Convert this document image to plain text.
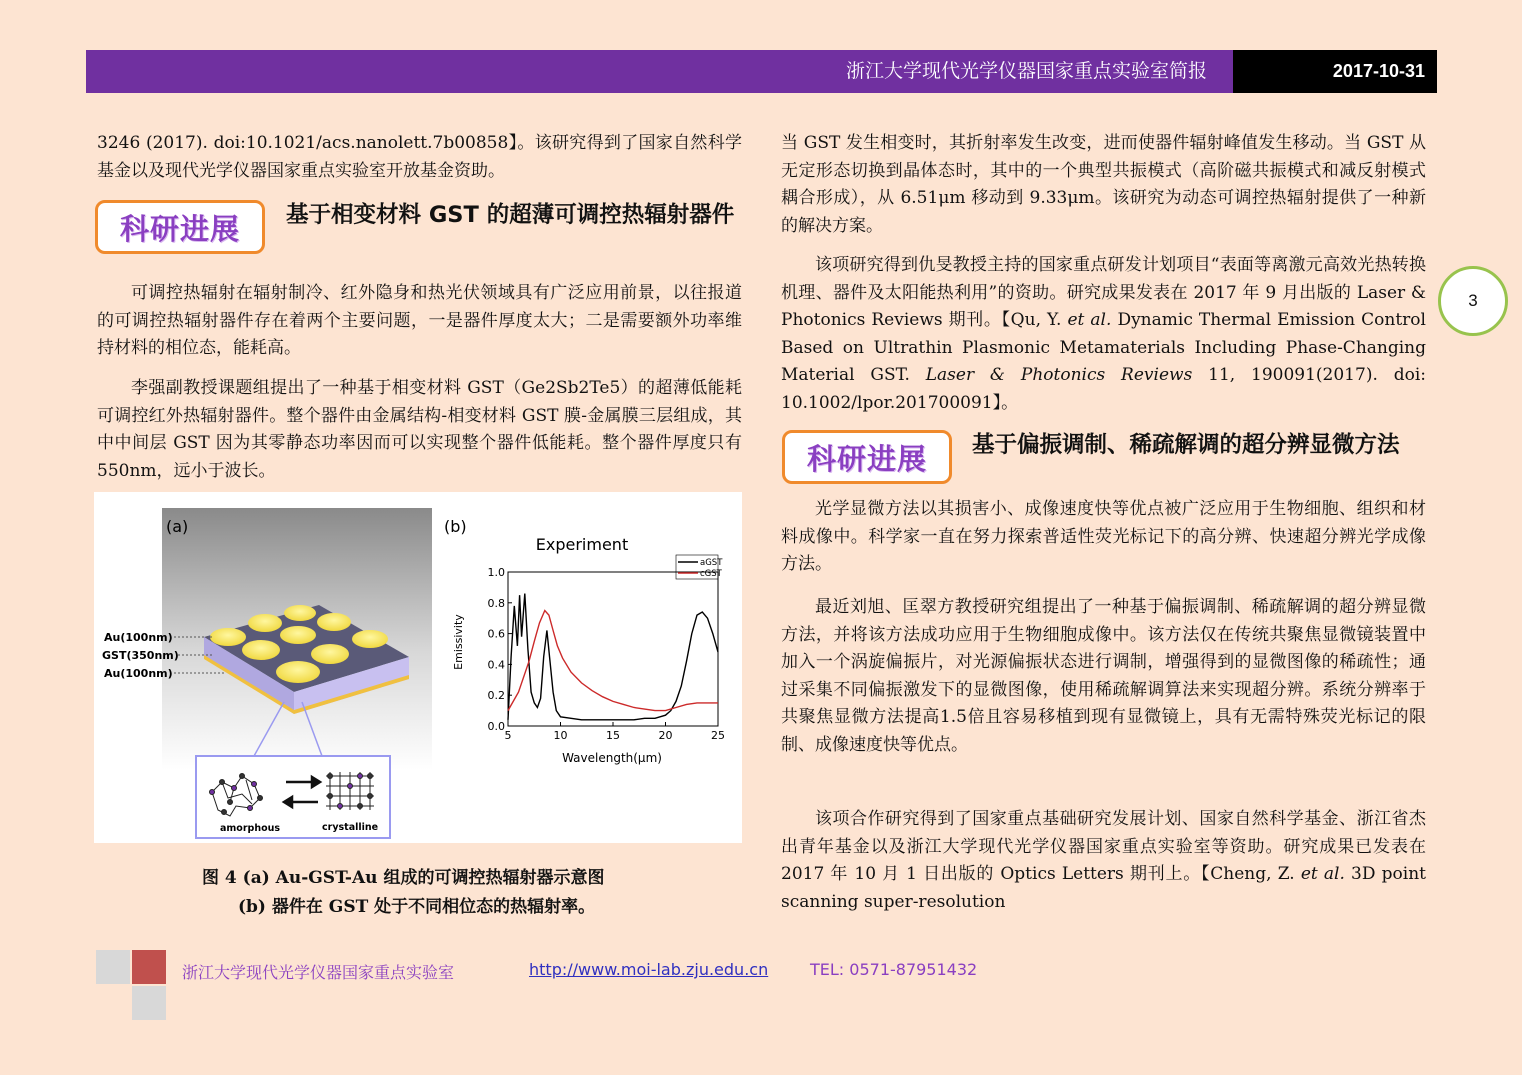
浙江大学现代光学仪器国家重点实验室简报	2017-10-31

3246 (2017). doi:10.1021/acs.nanolett.7b00858】。该研究得到了国家自然科学基金以及现代光学仪器国家重点实验室开放基金资助。

科研进展	基于相变材料 GST 的超薄可调控热辐射器件

可调控热辐射在辐射制冷、红外隐身和热光伏领域具有广泛应用前景，以往报道的可调控热辐射器件存在着两个主要问题，一是器件厚度太大；二是需要额外功率维持材料的相位态，能耗高。

李强副教授课题组提出了一种基于相变材料 GST（Ge2Sb2Te5）的超薄低能耗可调控红外热辐射器件。整个器件由金属结构-相变材料 GST 膜-金属膜三层组成，其中中间层 GST 因为其零静态功率因而可以实现整个器件低能耗。整个器件厚度只有 550nm，远小于波长。

(a)
Au(100nm)
GST(350nm)
Au(100nm)
amorphous	crystalline
(b)
Experiment
Emissivity
Wavelength(μm)
5	10	15	20	25
0.0
0.2
0.4
0.6
0.8
1.0
aGST
cGST
图 4 (a) Au-GST-Au 组成的可调控热辐射器示意图
(b) 器件在 GST 处于不同相位态的热辐射率。

当 GST 发生相变时，其折射率发生改变，进而使器件辐射峰值发生移动。当 GST 从无定形态切换到晶体态时，其中的一个典型共振模式（高阶磁共振模式和减反射模式耦合形成），从 6.51μm 移动到 9.33μm。该研究为动态可调控热辐射提供了一种新的解决方案。

该项研究得到仇旻教授主持的国家重点研发计划项目“表面等离激元高效光热转换机理、器件及太阳能热利用”的资助。研究成果发表在 2017 年 9 月出版的 Laser & Photonics Reviews 期刊。【Qu, Y. et al. Dynamic Thermal Emission Control Based on Ultrathin Plasmonic Metamaterials Including Phase-Changing Material GST. Laser & Photonics Reviews 11, 190091(2017). doi: 10.1002/lpor.201700091】。

科研进展	基于偏振调制、稀疏解调的超分辨显微方法

光学显微方法以其损害小、成像速度快等优点被广泛应用于生物细胞、组织和材料成像中。科学家一直在努力探索普适性荧光标记下的高分辨、快速超分辨光学成像方法。

最近刘旭、匡翠方教授研究组提出了一种基于偏振调制、稀疏解调的超分辨显微方法，并将该方法成功应用于生物细胞成像中。该方法仅在传统共聚焦显微镜装置中加入一个涡旋偏振片，对光源偏振状态进行调制，增强得到的显微图像的稀疏性；通过采集不同偏振激发下的显微图像，使用稀疏解调算法来实现超分辨。系统分辨率于共聚焦显微方法提高1.5倍且容易移植到现有显微镜上，具有无需特殊荧光标记的限制、成像速度快等优点。

该项合作研究得到了国家重点基础研究发展计划、国家自然科学基金、浙江省杰出青年基金以及浙江大学现代光学仪器国家重点实验室等资助。研究成果已发表在 2017 年 10 月 1 日出版的 Optics Letters 期刊上。【Cheng, Z. et al. 3D point scanning super-resolution

3
浙江大学现代光学仪器国家重点实验室	http://www.moi-lab.zju.edu.cn	TEL: 0571-87951432
